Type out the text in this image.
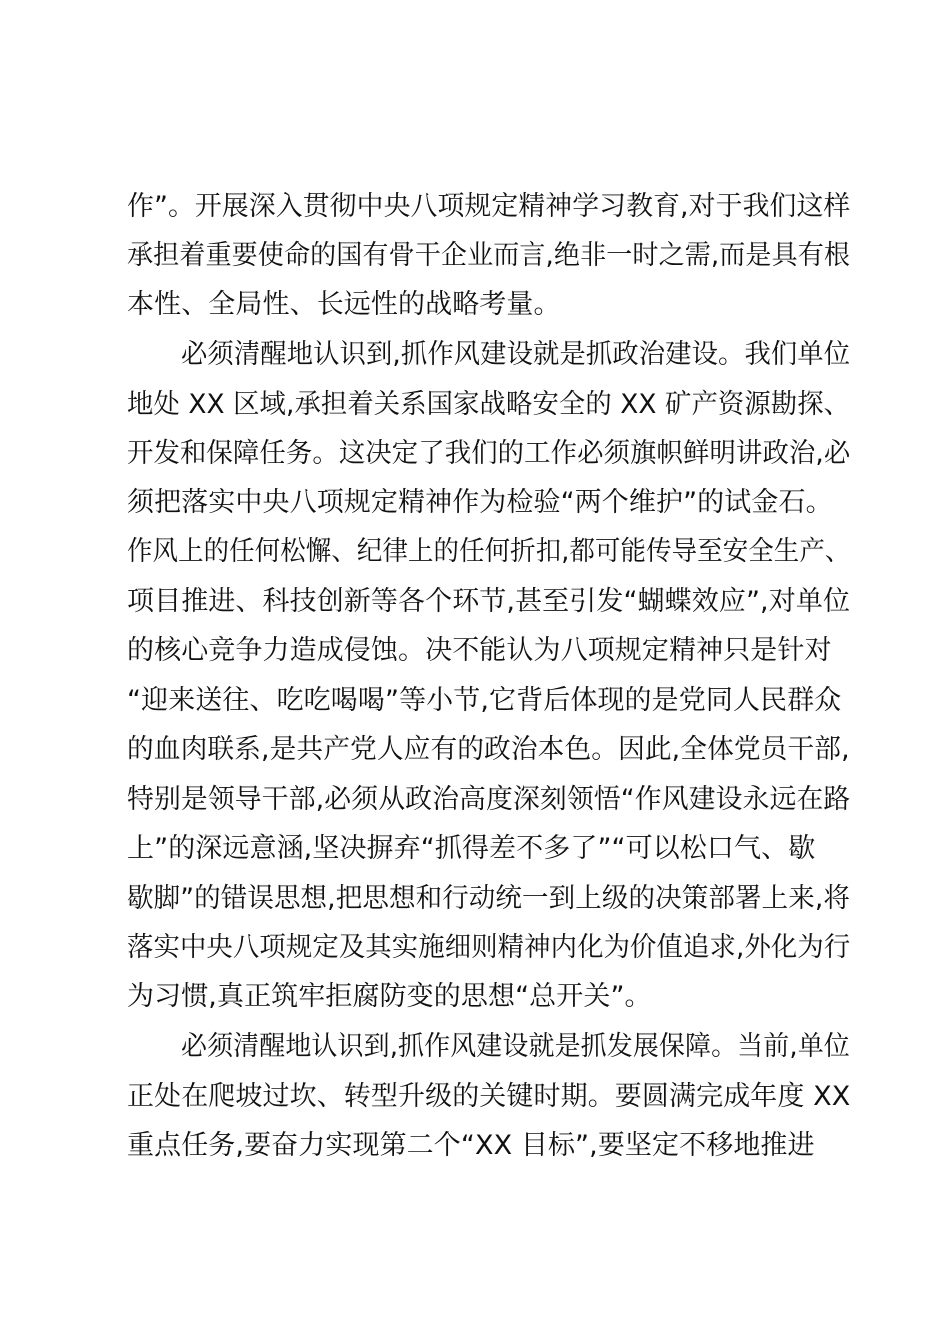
作”。开展深入贯彻中央八项规定精神学习教育,对于我们这样

承担着重要使命的国有骨干企业而言,绝非一时之需,而是具有根

本性、全局性、长远性的战略考量。

必须清醒地认识到,抓作风建设就是抓政治建设。我们单位

地处 XX 区域,承担着关系国家战略安全的 XX 矿产资源勘探、

开发和保障任务。这决定了我们的工作必须旗帜鲜明讲政治,必

须把落实中央八项规定精神作为检验“两个维护”的试金石。

作风上的任何松懈、纪律上的任何折扣,都可能传导至安全生产、

项目推进、科技创新等各个环节,甚至引发“蝴蝶效应”,对单位

的核心竞争力造成侵蚀。决不能认为八项规定精神只是针对

“迎来送往、吃吃喝喝”等小节,它背后体现的是党同人民群众

的血肉联系,是共产党人应有的政治本色。因此,全体党员干部,

特别是领导干部,必须从政治高度深刻领悟“作风建设永远在路

上”的深远意涵,坚决摒弃“抓得差不多了”“可以松口气、歇

歇脚”的错误思想,把思想和行动统一到上级的决策部署上来,将

落实中央八项规定及其实施细则精神内化为价值追求,外化为行

为习惯,真正筑牢拒腐防变的思想“总开关”。

必须清醒地认识到,抓作风建设就是抓发展保障。当前,单位

正处在爬坡过坎、转型升级的关键时期。要圆满完成年度 XX

重点任务,要奋力实现第二个“XX 目标”,要坚定不移地推进
